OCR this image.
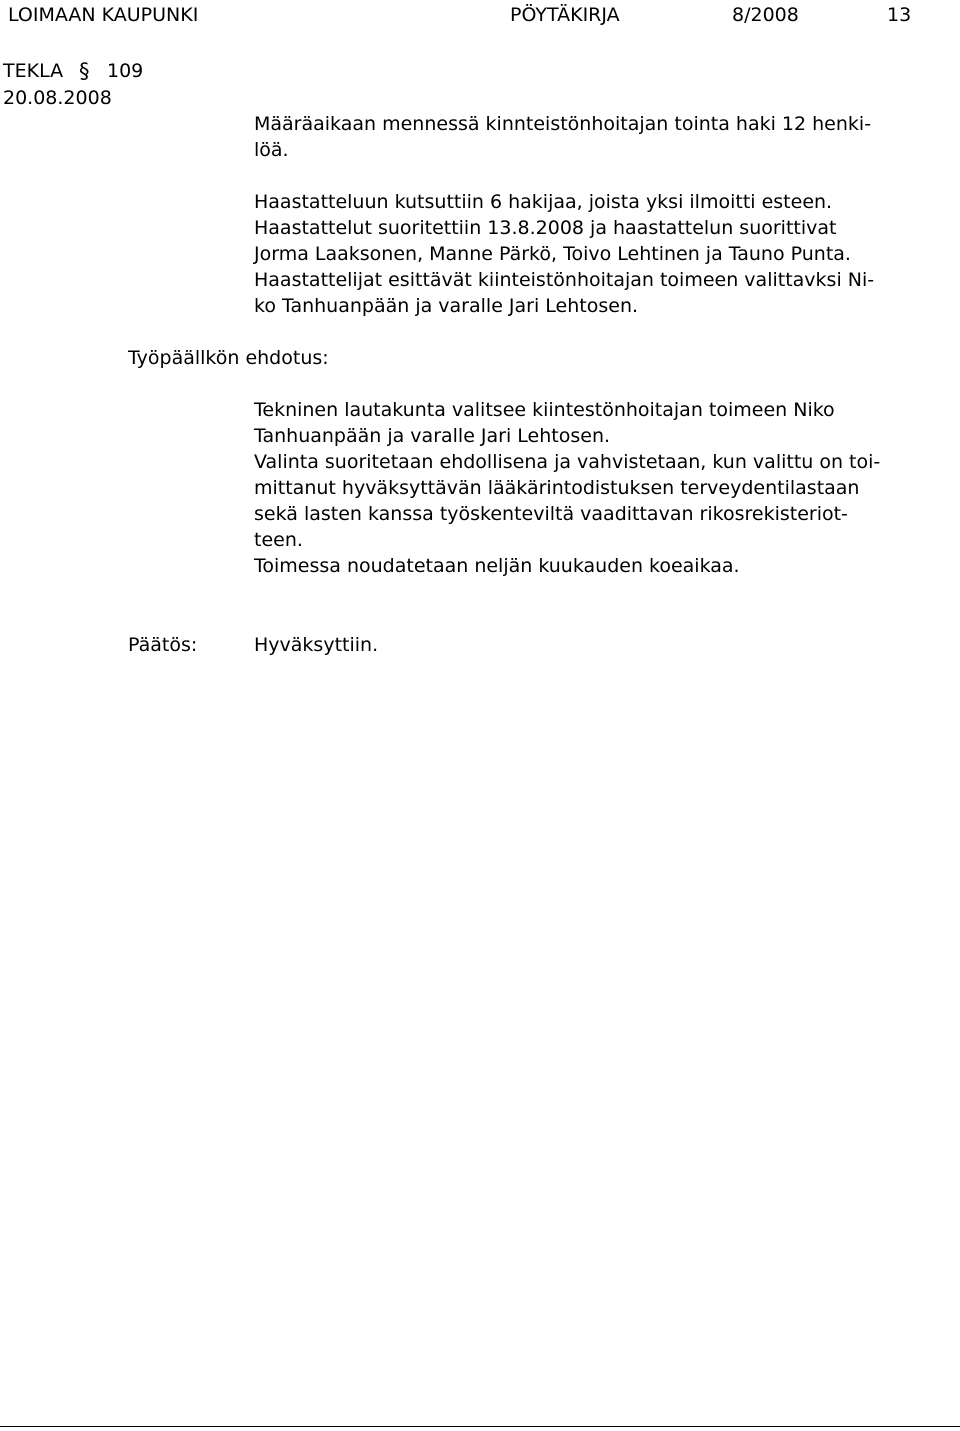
LOIMAAN KAUPUNKI	PÖYTÄKIRJA	8/2008	13
TEKLA § 109
20.08.2008
Määräaikaan mennessä kinnteistönhoitajan tointa haki 12 henki-
löä.
Haastatteluun kutsuttiin 6 hakijaa, joista yksi ilmoitti esteen.
Haastattelut suoritettiin 13.8.2008 ja haastattelun suorittivat
Jorma Laaksonen, Manne Pärkö, Toivo Lehtinen ja Tauno Punta.
Haastattelijat esittävät kiinteistönhoitajan toimeen valittavksi Ni-
ko Tanhuanpään ja varalle Jari Lehtosen.
Työpäällkön ehdotus:
Tekninen lautakunta valitsee kiintestönhoitajan toimeen Niko
Tanhuanpään ja varalle Jari Lehtosen.
Valinta suoritetaan ehdollisena ja vahvistetaan, kun valittu on toi-
mittanut hyväksyttävän lääkärintodistuksen terveydentilastaan
sekä lasten kanssa työskenteviltä vaadittavan rikosrekisteriot-
teen.
Toimessa noudatetaan neljän kuukauden koeaikaa.
Päätös:	Hyväksyttiin.
